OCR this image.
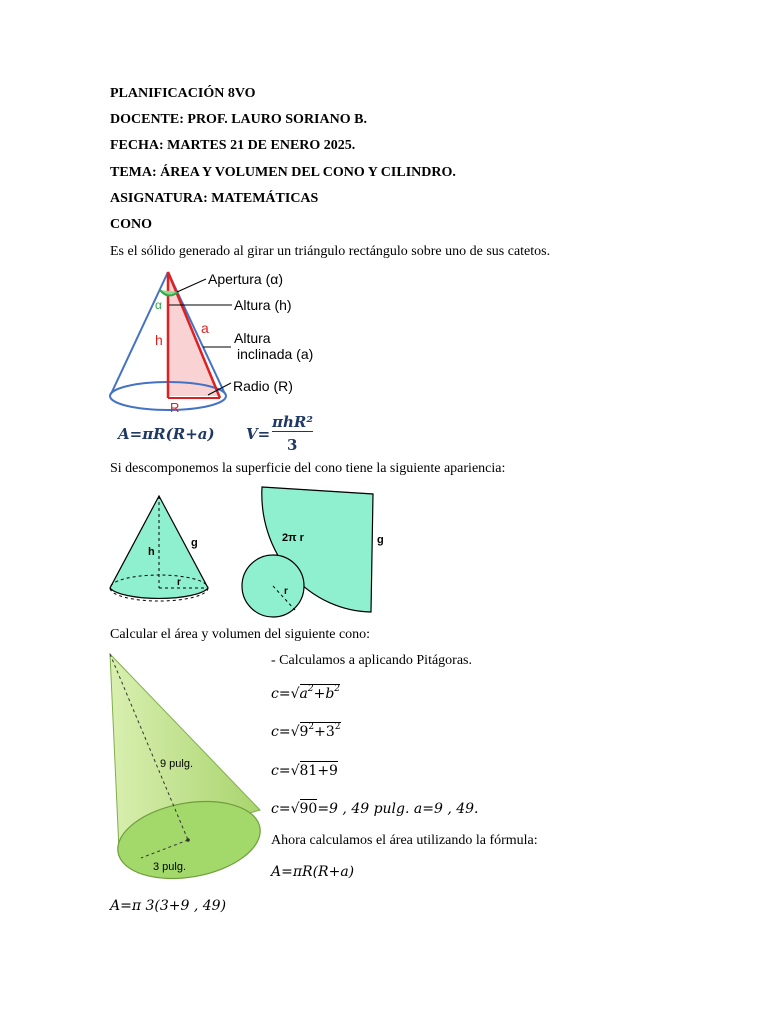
PLANIFICACIÓN 8VO
DOCENTE: PROF. LAURO SORIANO B.
FECHA: MARTES 21 DE ENERO 2025.
TEMA: ÁREA Y VOLUMEN DEL CONO Y CILINDRO.
ASIGNATURA: MATEMÁTICAS
CONO
Es el sólido generado al girar un triángulo rectángulo sobre uno de sus catetos.
α
h
a
R
Apertura (α)
Altura (h)
Altura
inclinada (a)
Radio (R)
A=πR(R+a) V=
πhR²
3
Si descomponemos la superficie del cono tiene la siguiente apariencia:
h
g
r
2π r	g
r
Calcular el área y volumen del siguiente cono:
9 pulg.
3 pulg.
- Calculamos a aplicando Pitágoras.
$c=√a^2+b^2$
$c=√9^2+3^2$
c=√81+9
c=√90=9 , 49 pulg. a=9 , 49.
Ahora calculamos el área utilizando la fórmula:
A=πR(R+a)
A=π 3(3+9 , 49)
